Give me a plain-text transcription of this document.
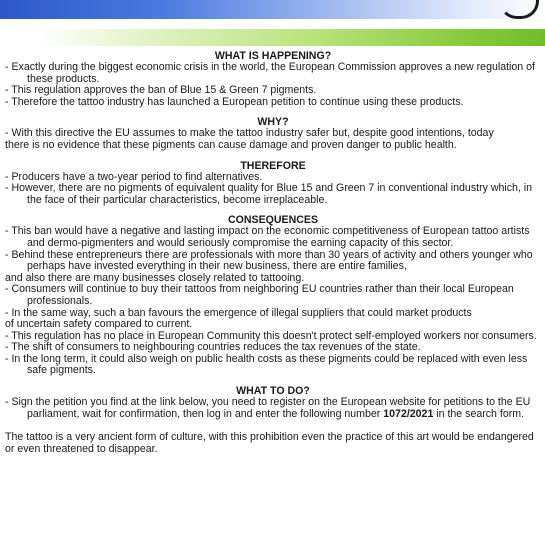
WHAT IS HAPPENING?

- Exactly during the biggest economic crisis in the world, the European Commission approves a new regulation of these products.

- This regulation approves the ban of Blue 15 & Green 7 pigments.

- Therefore the tattoo industry has launched a European petition to continue using these products.

WHY?

- With this directive the EU assumes to make the tattoo industry safer but, despite good intentions, today there is no evidence that these pigments can cause damage and proven danger to public health.

THEREFORE

- Producers have a two-year period to find alternatives.

- However, there are no pigments of equivalent quality for Blue 15 and Green 7 in conventional industry which, in the face of their particular characteristics, become irreplaceable.

CONSEQUENCES

- This ban would have a negative and lasting impact on the economic competitiveness of European tattoo artists and dermo-pigmenters and would seriously compromise the earning capacity of this sector.

- Behind these entrepreneurs there are professionals with more than 30 years of activity and others younger who perhaps have invested everything in their new business, there are entire families,

and also there are many businesses closely related to tattooing.

- Consumers will continue to buy their tattoos from neighboring EU countries rather than their local European professionals.

- In the same way, such a ban favours the emergence of illegal suppliers that could market products

of uncertain safety compared to current.

- This regulation has no place in European Community this doesn't protect self-employed workers nor consumers.

- The shift of consumers to neighbouring countries reduces the tax revenues of the state.

- In the long term, it could also weigh on public health costs as these pigments could be replaced with even less safe pigments.

WHAT TO DO?

- Sign the petition you find at the link below, you need to register on the European website for petitions to the EU parliament, wait for confirmation, then log in and enter the following number 1072/2021 in the search form.

The tattoo is a very ancient form of culture, with this prohibition even the practice of this art would be endangered or even threatened to disappear.
